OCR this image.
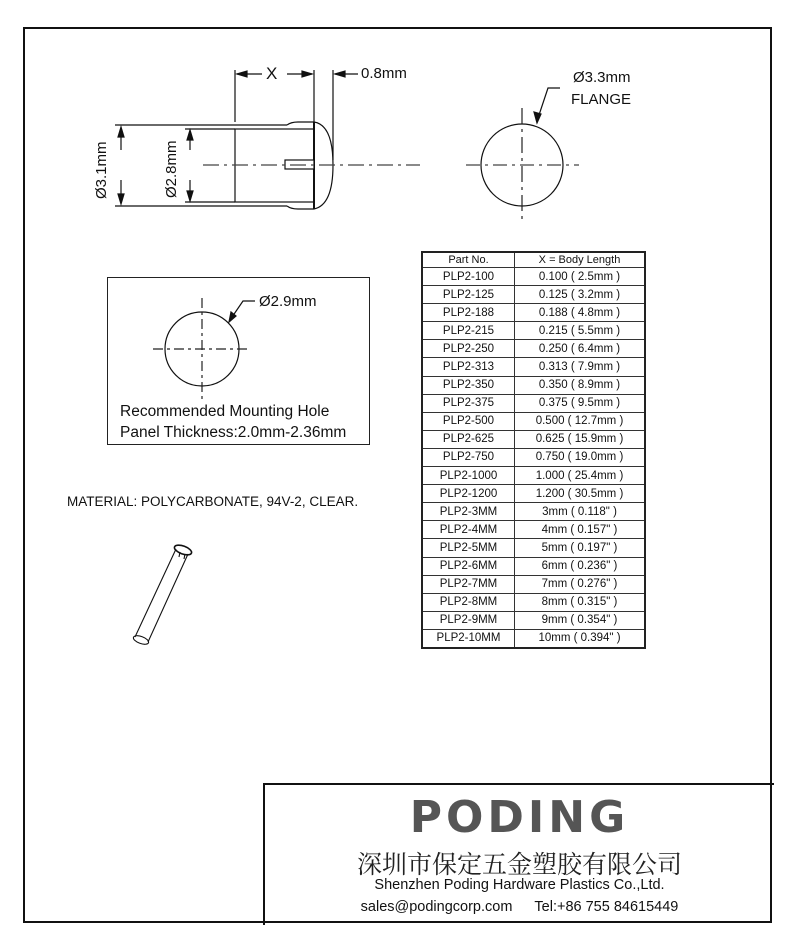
X	0.8mm
Ø3.1mm	Ø2.8mm
Ø3.3mm
FLANGE
Ø2.9mm
Recommended Mounting Hole
Panel Thickness:2.0mm-2.36mm
MATERIAL: POLYCARBONATE, 94V-2, CLEAR.
Part No.	X = Body Length
PLP2-100	0.100 ( 2.5mm )
PLP2-125	0.125 ( 3.2mm )
PLP2-188	0.188 ( 4.8mm )
PLP2-215	0.215 ( 5.5mm )
PLP2-250	0.250 ( 6.4mm )
PLP2-313	0.313 ( 7.9mm )
PLP2-350	0.350 ( 8.9mm )
PLP2-375	0.375 ( 9.5mm )
PLP2-500	0.500 ( 12.7mm )
PLP2-625	0.625 ( 15.9mm )
PLP2-750	0.750 ( 19.0mm )
PLP2-1000	1.000 ( 25.4mm )
PLP2-1200	1.200 ( 30.5mm )
PLP2-3MM	3mm ( 0.118" )
PLP2-4MM	4mm ( 0.157" )
PLP2-5MM	5mm ( 0.197" )
PLP2-6MM	6mm ( 0.236" )
PLP2-7MM	7mm ( 0.276" )
PLP2-8MM	8mm ( 0.315" )
PLP2-9MM	9mm ( 0.354" )
PLP2-10MM	10mm ( 0.394" )
PODING
深圳市保定五金塑胶有限公司
Shenzhen Poding Hardware Plastics Co.,Ltd.
sales@podingcorp.com Tel:+86 755 84615449
